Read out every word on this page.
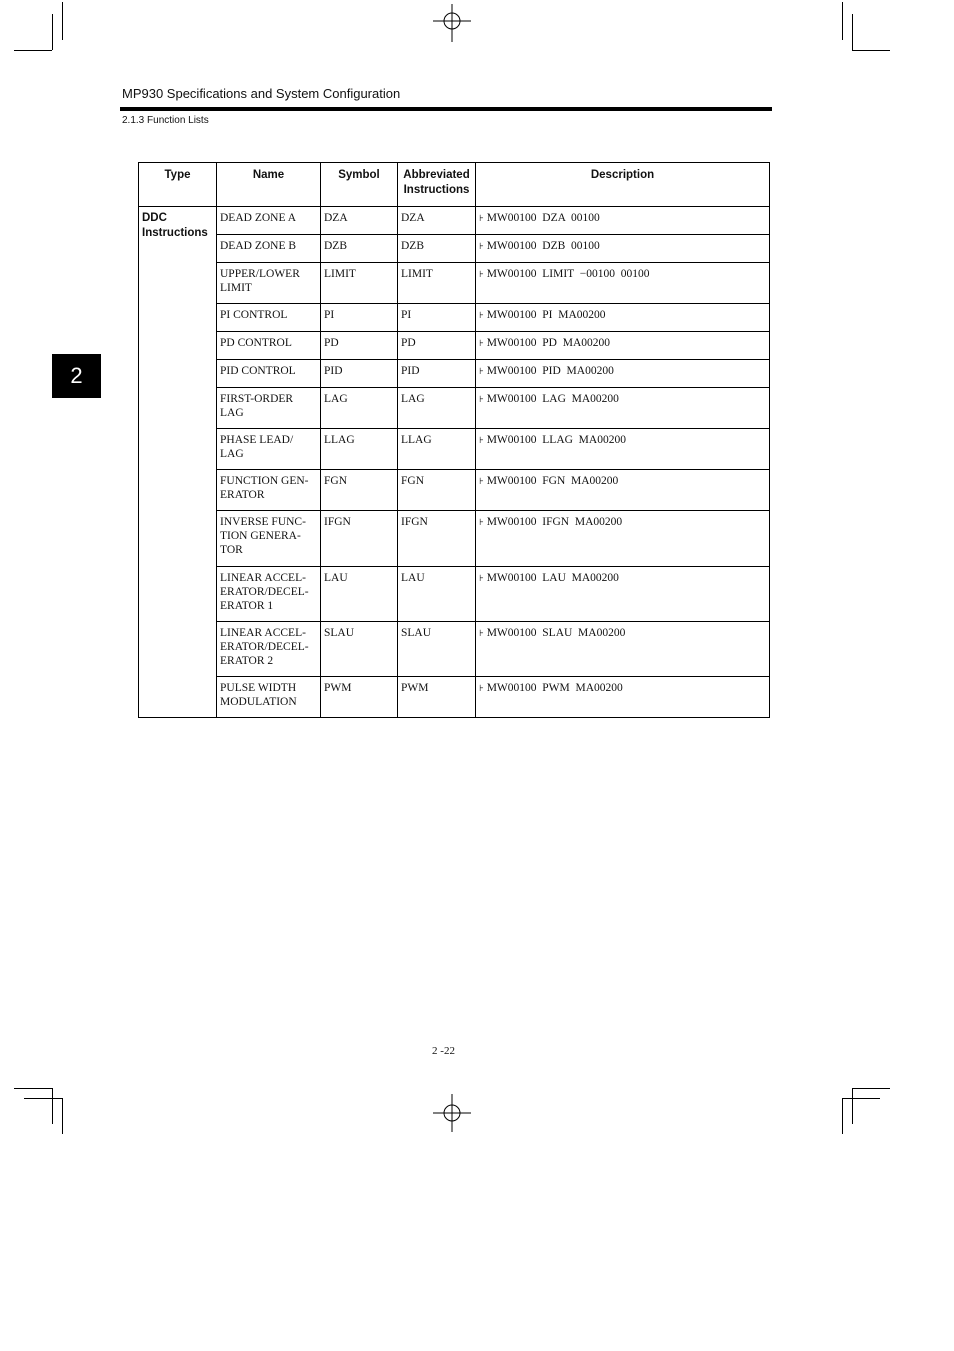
MP930 Specifications and System Configuration
2.1.3 Function Lists
2
Type	Name	Symbol	Abbreviated Instructions	Description
DDC Instructions	DEAD ZONE A	DZA	DZA	⊦ MW00100  DZA  00100
	DEAD ZONE B	DZB	DZB	⊦ MW00100  DZB  00100
	UPPER/LOWER LIMIT	LIMIT	LIMIT	⊦ MW00100  LIMIT  −00100  00100
	PI CONTROL	PI	PI	⊦ MW00100  PI  MA00200
	PD CONTROL	PD	PD	⊦ MW00100  PD  MA00200
	PID CONTROL	PID	PID	⊦ MW00100  PID  MA00200
	FIRST-ORDER LAG	LAG	LAG	⊦ MW00100  LAG  MA00200
	PHASE LEAD/ LAG	LLAG	LLAG	⊦ MW00100  LLAG  MA00200
	FUNCTION GEN- ERATOR	FGN	FGN	⊦ MW00100  FGN  MA00200
	INVERSE FUNC- TION GENERA- TOR	IFGN	IFGN	⊦ MW00100  IFGN  MA00200
	LINEAR ACCEL- ERATOR/DECEL- ERATOR 1	LAU	LAU	⊦ MW00100  LAU  MA00200
	LINEAR ACCEL- ERATOR/DECEL- ERATOR 2	SLAU	SLAU	⊦ MW00100  SLAU  MA00200
	PULSE WIDTH MODULATION	PWM	PWM	⊦ MW00100  PWM  MA00200
2 -22
